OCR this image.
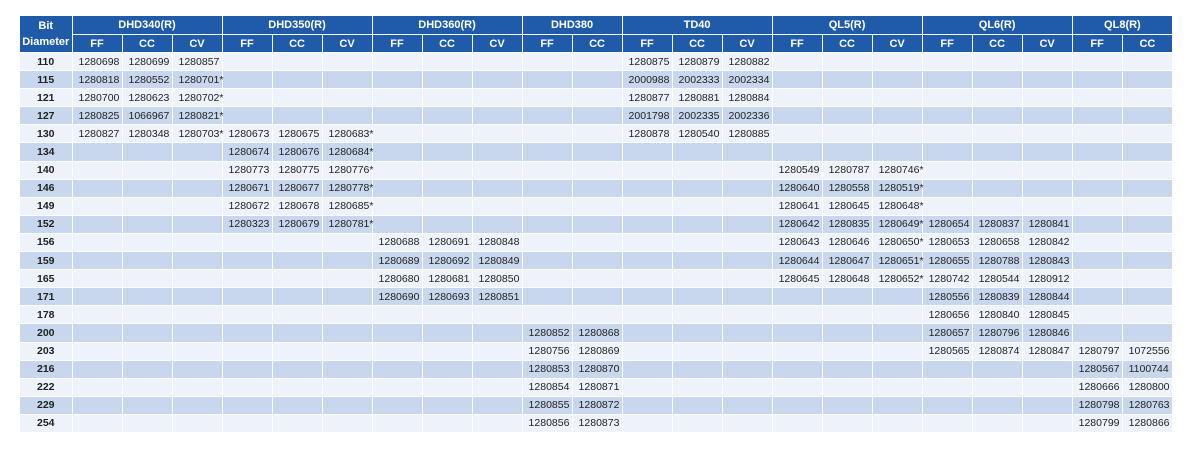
Bit
Diameter	DHD340(R)			DHD350(R)			DHD360(R)			DHD380		TD40			QL5(R)			QL6(R)			QL8(R)	
	FF	CC	CV	FF	CC	CV	FF	CC	CV	FF	CC	FF	CC	CV	FF	CC	CV	FF	CC	CV	FF	CC
110	1280698	1280699	1280857									1280875	1280879	1280882								
115	1280818	1280552	1280701*									2000988	2002333	2002334								
121	1280700	1280623	1280702*									1280877	1280881	1280884								
127	1280825	1066967	1280821*									2001798	2002335	2002336								
130	1280827	1280348	1280703*	1280673	1280675	1280683*						1280878	1280540	1280885								
134				1280674	1280676	1280684*																
140				1280773	1280775	1280776*									1280549	1280787	1280746*					
146				1280671	1280677	1280778*									1280640	1280558	1280519*					
149				1280672	1280678	1280685*									1280641	1280645	1280648*					
152				1280323	1280679	1280781*									1280642	1280835	1280649*	1280654	1280837	1280841		
156							1280688	1280691	1280848						1280643	1280646	1280650*	1280653	1280658	1280842		
159							1280689	1280692	1280849						1280644	1280647	1280651*	1280655	1280788	1280843		
165							1280680	1280681	1280850						1280645	1280648	1280652*	1280742	1280544	1280912		
171							1280690	1280693	1280851									1280556	1280839	1280844		
178																		1280656	1280840	1280845		
200										1280852	1280868							1280657	1280796	1280846		
203										1280756	1280869							1280565	1280874	1280847	1280797	1072556
216										1280853	1280870										1280567	1100744
222										1280854	1280871										1280666	1280800
229										1280855	1280872										1280798	1280763
254										1280856	1280873										1280799	1280866
